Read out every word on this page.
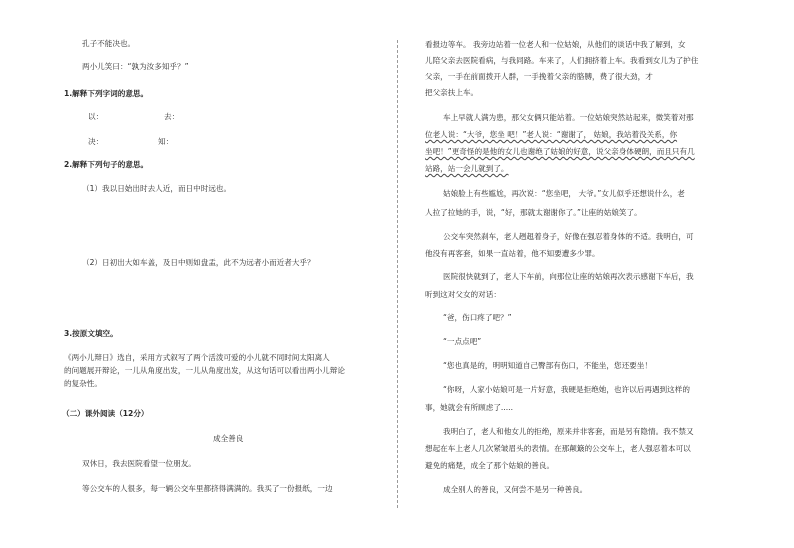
孔子不能决也。
两小儿笑曰：“孰为汝多知乎？”
1.解释下列字词的意思。
以：	去：
决：	知：
2.解释下列句子的意思。
（1）我以日始出时去人近，而日中时远也。
（2）日初出大如车盖，及日中则如盘盂，此不为远者小而近者大乎？
3.按原文填空。
《两小儿辩日》选自，采用方式叙写了两个活泼可爱的小儿就不同时间太阳离人
的问题展开辩论，一儿从角度出发，一儿从角度出发，从这句话可以看出两小儿辩论
的复杂性。
（二）课外阅读（12分）
成全善良
双休日，我去医院看望一位朋友。
等公交车的人很多，每一辆公交车里都挤得满满的。我买了一份报纸，一边
看报边等车。 我旁边站着一位老人和一位姑娘，从他们的谈话中我了解到，女
儿陪父亲去医院看病，与我同路。车来了，人们拥挤着上车。我看到女儿为了护住
父亲，一手在前面拨开人群，一手挽着父亲的胳膊，费了很大劲，才
把父亲扶上车。
车上早就人满为患，那父女俩只能站着。一位姑娘突然站起来，微笑着对那
位老人说：“大爷，您坐 吧！”老人说：“谢谢了， 姑娘，我站着没关系，你
坐吧！”更奇怪的是他的女儿也谢绝了姑娘的好意，说父亲身体硬朗，而且只有几
站路，站一会儿就到了。
姑娘脸上有些尴尬，再次说：“您坐吧， 大爷。”女儿似乎还想说什么，老
人拉了拉她的手，说，“好，那就太谢谢你了。”让座的姑娘笑了。
公交车突然刹车，老人趔趄着身子，好像在强忍着身体的不适。我明白，可
他没有再客套，如果一直站着，他不知要遭多少罪。
医院很快就到了，老人下车前，向那位让座的姑娘再次表示感谢下车后，我
听到这对父女的对话：
“爸，伤口疼了吧？”
“一点点吧”
“您也真是的，明明知道自己臀部有伤口，不能坐，您还要坐！
“你呀，人家小姑娘可是一片好意，我硬是拒绝她，也许以后再遇到这样的
事，她就会有所顾虑了.....
我明白了，老人和他女儿的拒绝，原来并非客套，而是另有隐情。我不禁又
想起在车上老人几次紧皱眉头的表情。在那颠簸的公交车上，老人强忍着本可以
避免的痛楚，成全了那个姑娘的善良。
成全别人的善良，又何尝不是另一种善良。
